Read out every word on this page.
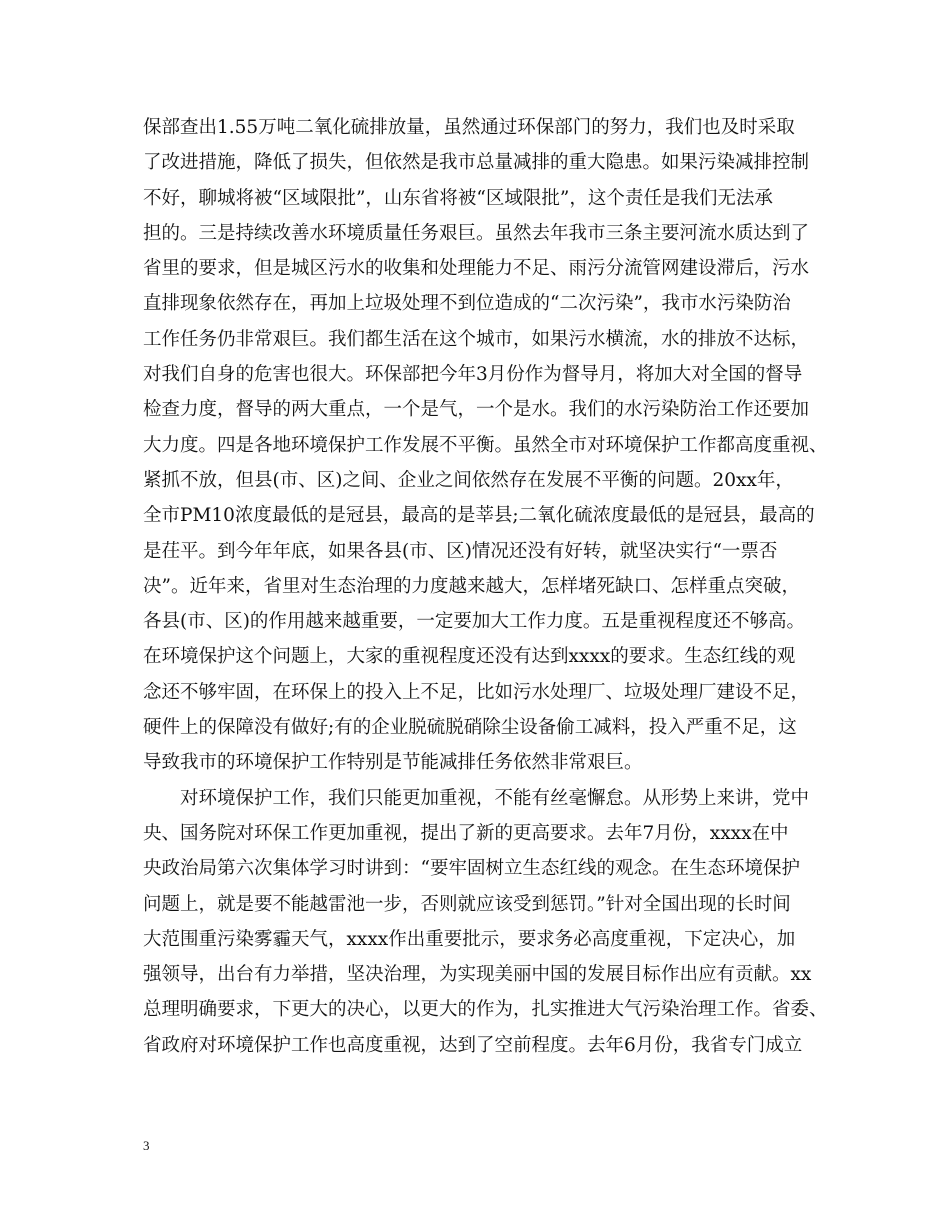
保部查出1.55万吨二氧化硫排放量，虽然通过环保部门的努力，我们也及时采取
了改进措施，降低了损失，但依然是我市总量减排的重大隐患。如果污染减排控制
不好，聊城将被“区域限批”，山东省将被“区域限批”，这个责任是我们无法承
担的。三是持续改善水环境质量任务艰巨。虽然去年我市三条主要河流水质达到了
省里的要求，但是城区污水的收集和处理能力不足、雨污分流管网建设滞后，污水
直排现象依然存在，再加上垃圾处理不到位造成的“二次污染”，我市水污染防治
工作任务仍非常艰巨。我们都生活在这个城市，如果污水横流，水的排放不达标，
对我们自身的危害也很大。环保部把今年3月份作为督导月，将加大对全国的督导
检查力度，督导的两大重点，一个是气，一个是水。我们的水污染防治工作还要加
大力度。四是各地环境保护工作发展不平衡。虽然全市对环境保护工作都高度重视、
紧抓不放，但县(市、区)之间、企业之间依然存在发展不平衡的问题。20xx年，
全市PM10浓度最低的是冠县，最高的是莘县;二氧化硫浓度最低的是冠县，最高的
是茌平。到今年年底，如果各县(市、区)情况还没有好转，就坚决实行“一票否
决”。近年来，省里对生态治理的力度越来越大，怎样堵死缺口、怎样重点突破，
各县(市、区)的作用越来越重要，一定要加大工作力度。五是重视程度还不够高。
在环境保护这个问题上，大家的重视程度还没有达到xxxx的要求。生态红线的观
念还不够牢固，在环保上的投入上不足，比如污水处理厂、垃圾处理厂建设不足，
硬件上的保障没有做好;有的企业脱硫脱硝除尘设备偷工减料，投入严重不足，这
导致我市的环境保护工作特别是节能减排任务依然非常艰巨。
对环境保护工作，我们只能更加重视，不能有丝毫懈怠。从形势上来讲，党中
央、国务院对环保工作更加重视，提出了新的更高要求。去年7月份，xxxx在中
央政治局第六次集体学习时讲到：“要牢固树立生态红线的观念。在生态环境保护
问题上，就是要不能越雷池一步，否则就应该受到惩罚。”针对全国出现的长时间
大范围重污染雾霾天气，xxxx作出重要批示，要求务必高度重视，下定决心，加
强领导，出台有力举措，坚决治理，为实现美丽中国的发展目标作出应有贡献。xx
总理明确要求，下更大的决心，以更大的作为，扎实推进大气污染治理工作。省委、
省政府对环境保护工作也高度重视，达到了空前程度。去年6月份，我省专门成立
3
